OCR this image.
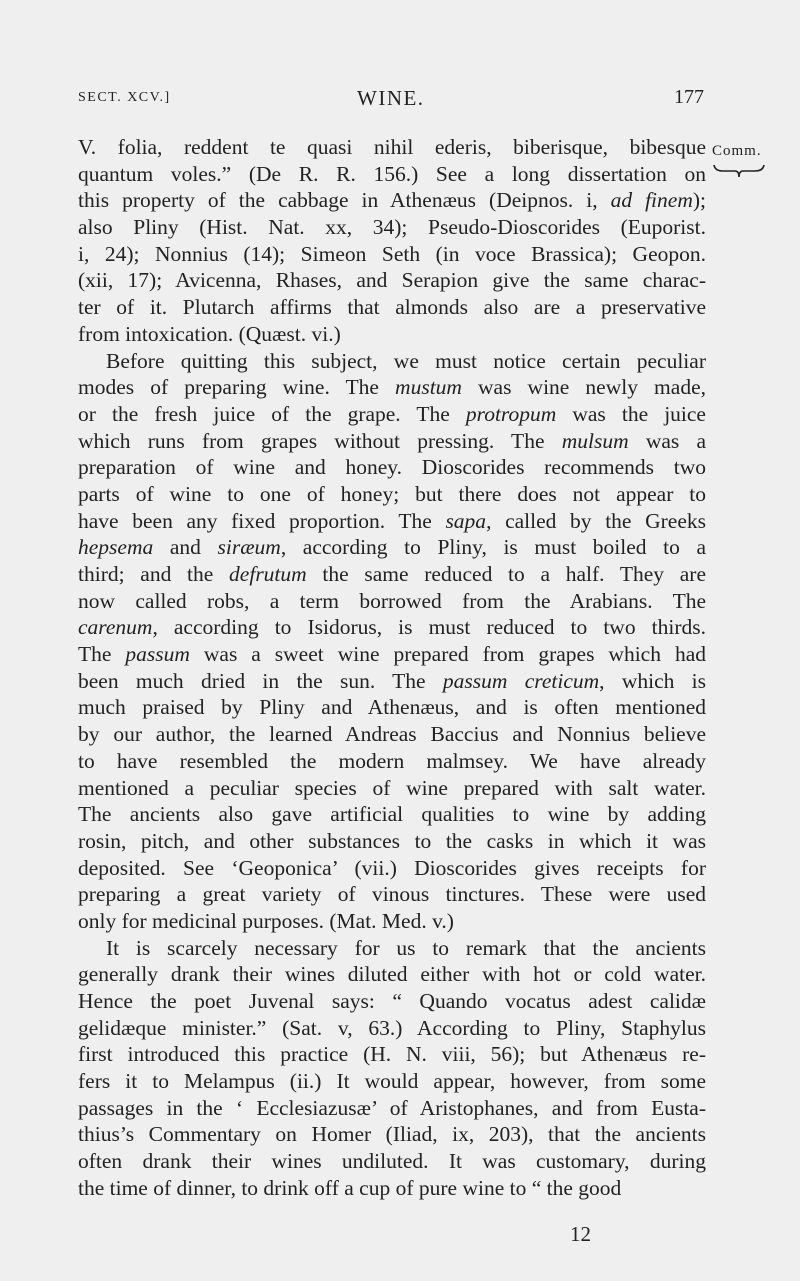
SECT. XCV.]	WINE.	177
Comm.
V. folia, reddent te quasi nihil ederis, biberisque, bibesque
quantum voles.” (De R. R. 156.) See a long dissertation on
this property of the cabbage in Athenæus (Deipnos. i, ad finem);
also Pliny (Hist. Nat. xx, 34); Pseudo-Dioscorides (Euporist.
i, 24); Nonnius (14); Simeon Seth (in voce Brassica); Geopon.
(xii, 17); Avicenna, Rhases, and Serapion give the same charac-
ter of it. Plutarch affirms that almonds also are a preservative
from intoxication. (Quæst. vi.)
Before quitting this subject, we must notice certain peculiar
modes of preparing wine. The mustum was wine newly made,
or the fresh juice of the grape. The protropum was the juice
which runs from grapes without pressing. The mulsum was a
preparation of wine and honey. Dioscorides recommends two
parts of wine to one of honey; but there does not appear to
have been any fixed proportion. The sapa, called by the Greeks
hepsema and siræum, according to Pliny, is must boiled to a
third; and the defrutum the same reduced to a half. They are
now called robs, a term borrowed from the Arabians. The
carenum, according to Isidorus, is must reduced to two thirds.
The passum was a sweet wine prepared from grapes which had
been much dried in the sun. The passum creticum, which is
much praised by Pliny and Athenæus, and is often mentioned
by our author, the learned Andreas Baccius and Nonnius believe
to have resembled the modern malmsey. We have already
mentioned a peculiar species of wine prepared with salt water.
The ancients also gave artificial qualities to wine by adding
rosin, pitch, and other substances to the casks in which it was
deposited. See ‘Geoponica’ (vii.) Dioscorides gives receipts for
preparing a great variety of vinous tinctures. These were used
only for medicinal purposes. (Mat. Med. v.)
It is scarcely necessary for us to remark that the ancients
generally drank their wines diluted either with hot or cold water.
Hence the poet Juvenal says: “ Quando vocatus adest calidæ
gelidæque minister.” (Sat. v, 63.) According to Pliny, Staphylus
first introduced this practice (H. N. viii, 56); but Athenæus re-
fers it to Melampus (ii.) It would appear, however, from some
passages in the ‘ Ecclesiazusæ’ of Aristophanes, and from Eusta-
thius’s Commentary on Homer (Iliad, ix, 203), that the ancients
often drank their wines undiluted. It was customary, during
the time of dinner, to drink off a cup of pure wine to “ the good
12
